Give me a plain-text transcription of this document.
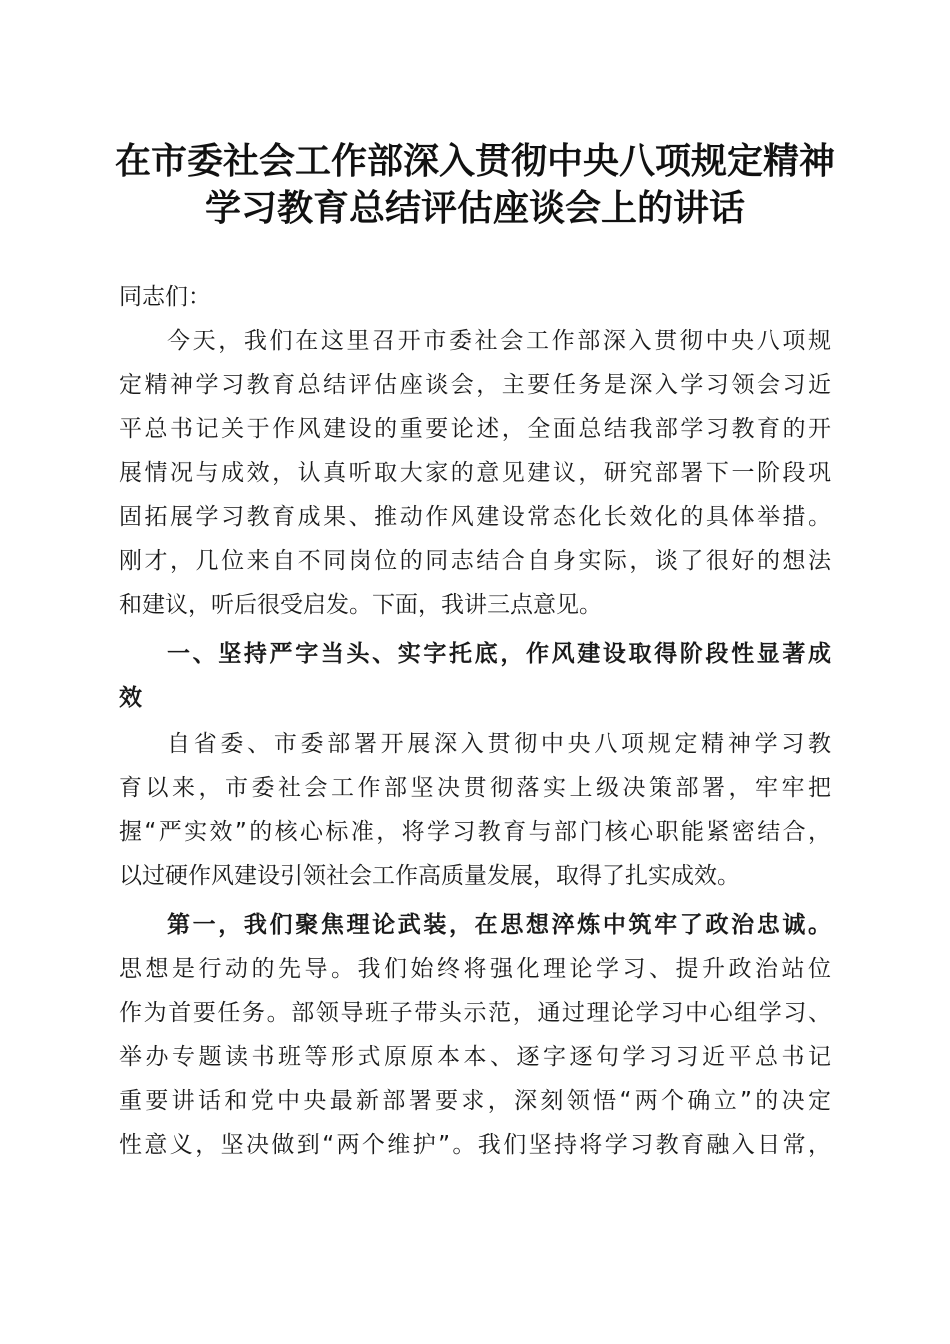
在市委社会工作部深入贯彻中央八项规定精神
学习教育总结评估座谈会上的讲话
同志们：
今天，我们在这里召开市委社会工作部深入贯彻中央八项规
定精神学习教育总结评估座谈会，主要任务是深入学习领会习近
平总书记关于作风建设的重要论述，全面总结我部学习教育的开
展情况与成效，认真听取大家的意见建议，研究部署下一阶段巩
固拓展学习教育成果、推动作风建设常态化长效化的具体举措。
刚才，几位来自不同岗位的同志结合自身实际，谈了很好的想法
和建议，听后很受启发。下面，我讲三点意见。
一、坚持严字当头、实字托底，作风建设取得阶段性显著成
效
自省委、市委部署开展深入贯彻中央八项规定精神学习教
育以来，市委社会工作部坚决贯彻落实上级决策部署，牢牢把
握“严实效”的核心标准，将学习教育与部门核心职能紧密结合，
以过硬作风建设引领社会工作高质量发展，取得了扎实成效。
第一，我们聚焦理论武装，在思想淬炼中筑牢了政治忠诚。
思想是行动的先导。我们始终将强化理论学习、提升政治站位
作为首要任务。部领导班子带头示范，通过理论学习中心组学习、
举办专题读书班等形式原原本本、逐字逐句学习习近平总书记
重要讲话和党中央最新部署要求，深刻领悟“两个确立”的决定
性意义，坚决做到“两个维护”。我们坚持将学习教育融入日常，
